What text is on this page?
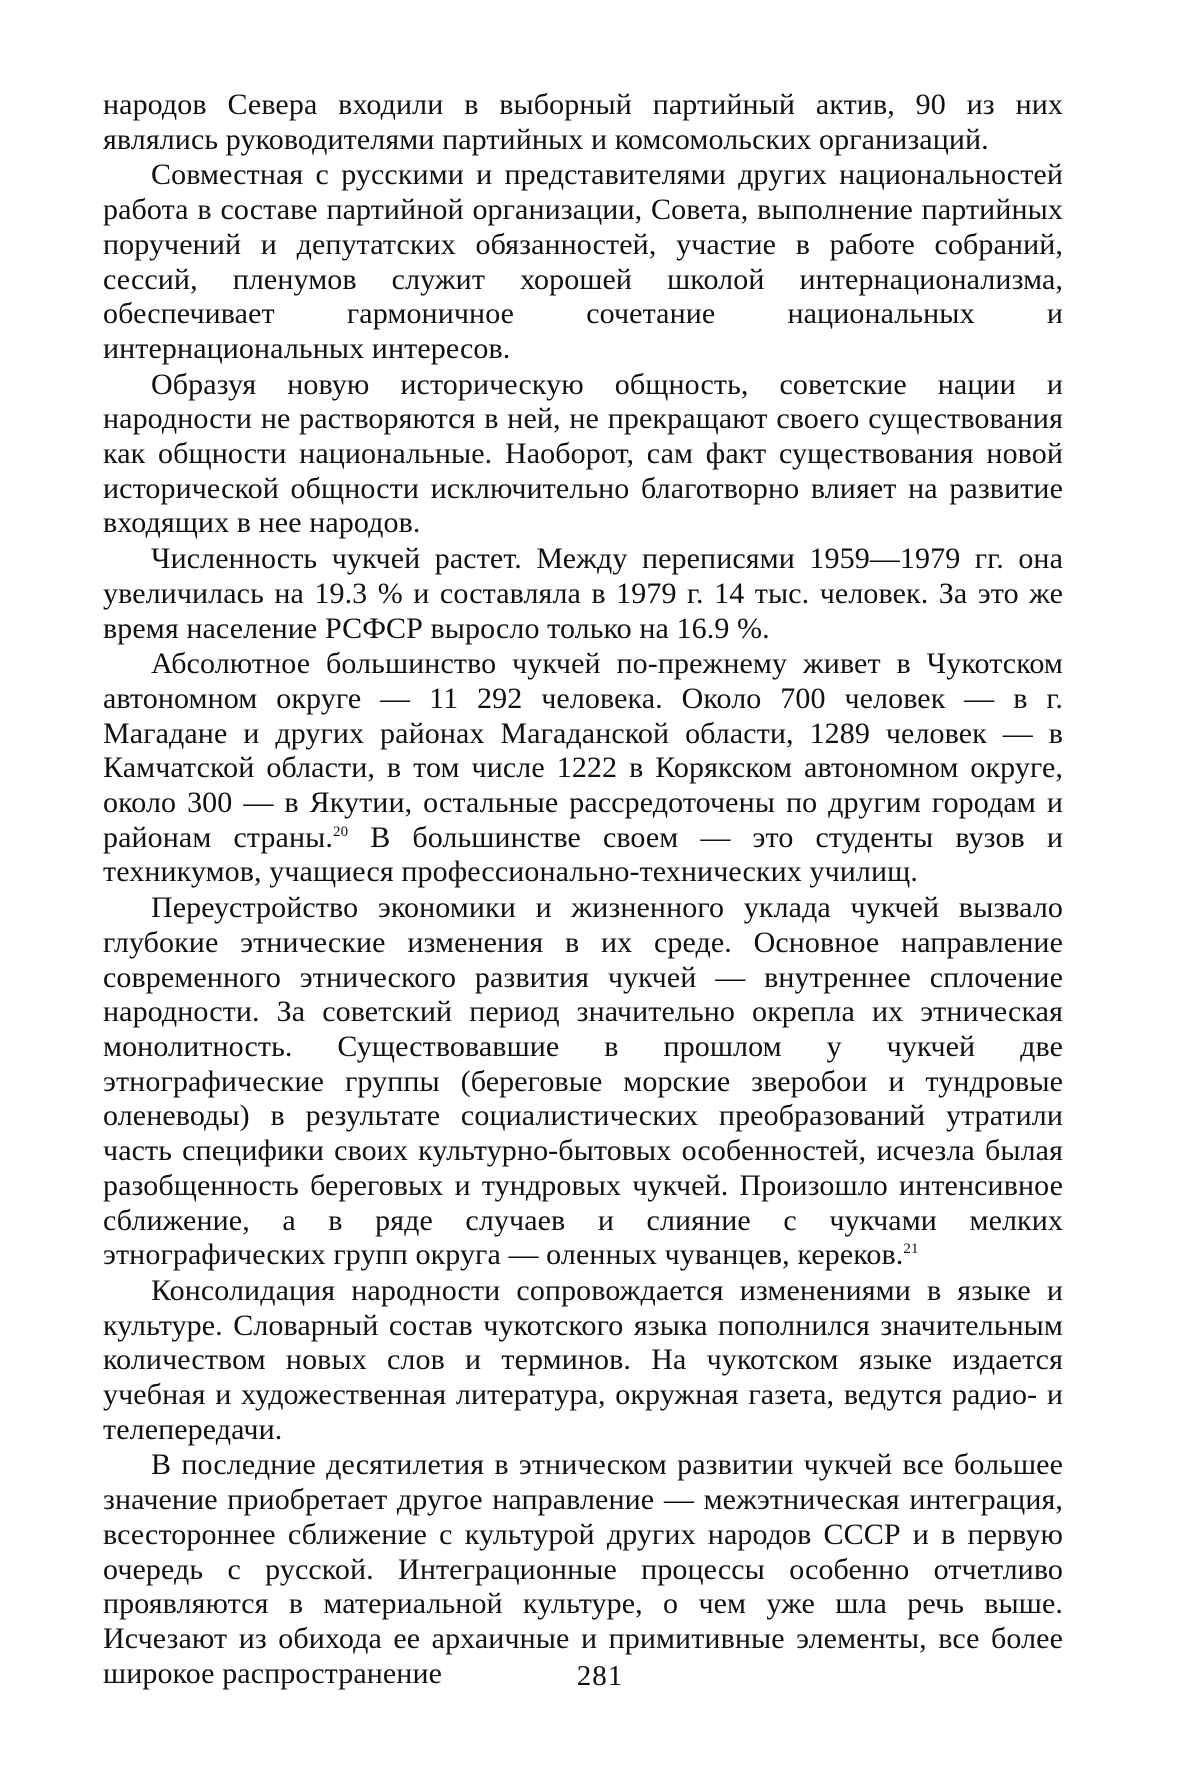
народов Севера входили в выборный партийный актив, 90 из них являлись руководителями партийных и комсомольских организаций.

Совместная с русскими и представителями других национальностей работа в составе партийной организации, Совета, выполнение партийных поручений и депутатских обязанностей, участие в работе собраний, сессий, пленумов служит хорошей школой интернационализма, обеспечивает гармоничное сочетание национальных и интернациональных интересов.

Образуя новую историческую общность, советские нации и народности не растворяются в ней, не прекращают своего существования как общности национальные. Наоборот, сам факт существования новой исторической общности исключительно благотворно влияет на развитие входящих в нее народов.

Численность чукчей растет. Между переписями 1959—1979 гг. она увеличилась на 19.3 % и составляла в 1979 г. 14 тыс. человек. За это же время население РСФСР выросло только на 16.9 %.

Абсолютное большинство чукчей по-прежнему живет в Чукотском автономном округе — 11 292 человека. Около 700 человек — в г. Магадане и других районах Магаданской области, 1289 человек — в Камчатской области, в том числе 1222 в Корякском автономном округе, около 300 — в Якутии, остальные рассредоточены по другим городам и районам страны.$^{20}$ В большинстве своем — это студенты вузов и техникумов, учащиеся профессионально-технических училищ.

Переустройство экономики и жизненного уклада чукчей вызвало глубокие этнические изменения в их среде. Основное направление современного этнического развития чукчей — внутреннее сплочение народности. За советский период значительно окрепла их этническая монолитность. Существовавшие в прошлом у чукчей две этнографические группы (береговые морские зверобои и тундровые оленеводы) в результате социалистических преобразований утратили часть специфики своих культурно-бытовых особенностей, исчезла былая разобщенность береговых и тундровых чукчей. Произошло интенсивное сближение, а в ряде случаев и слияние с чукчами мелких этнографических групп округа — оленных чуванцев, кереков.$^{21}$

Консолидация народности сопровождается изменениями в языке и культуре. Словарный состав чукотского языка пополнился значительным количеством новых слов и терминов. На чукотском языке издается учебная и художественная литература, окружная газета, ведутся радио- и телепередачи.

В последние десятилетия в этническом развитии чукчей все большее значение приобретает другое направление — межэтническая интеграция, всестороннее сближение с культурой других народов СССР и в первую очередь с русской. Интеграционные процессы особенно отчетливо проявляются в материальной культуре, о чем уже шла речь выше. Исчезают из обихода ее архаичные и примитивные элементы, все более широкое распространение	281
